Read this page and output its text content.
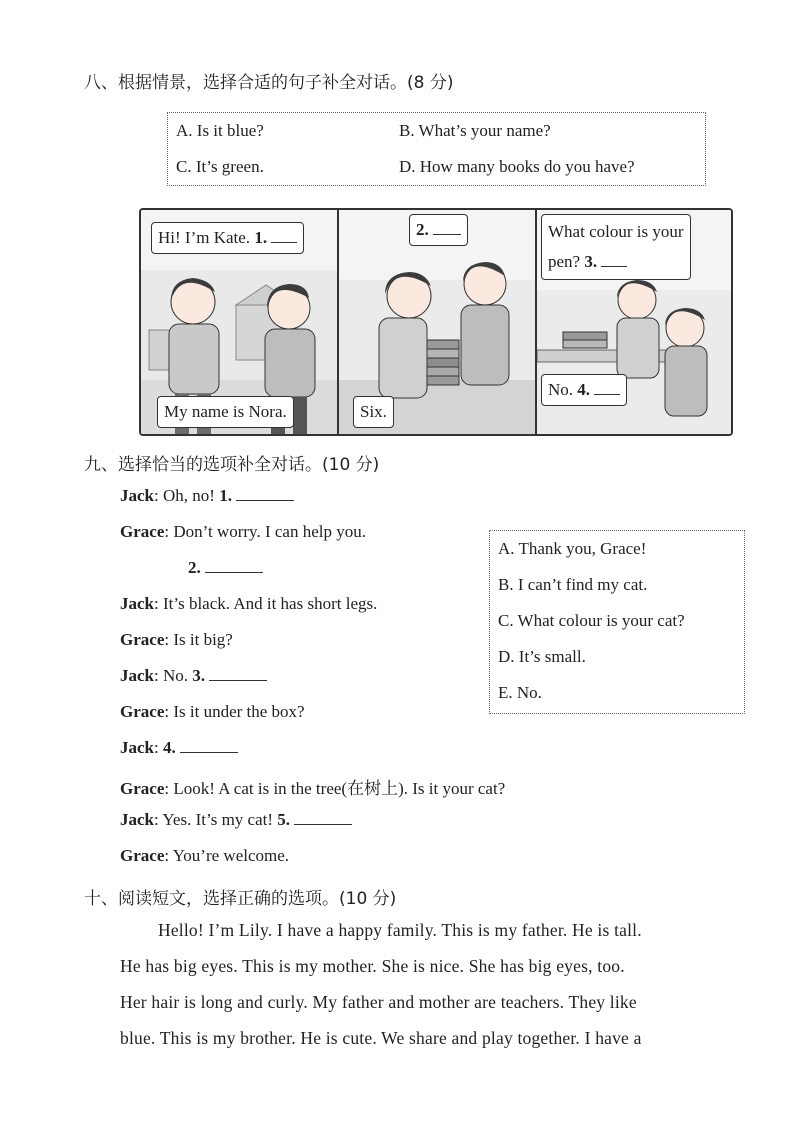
八、根据情景，选择合适的句子补全对话。(8 分)
A. Is it blue?	B. What’s your name?
C. It’s green.	D. How many books do you have?
Hi! I’m Kate. 1.
My name is Nora.
2.
Six.
What colour is your
pen? 3.
No. 4.
九、选择恰当的选项补全对话。(10 分)
Jack: Oh, no! 1.
Grace: Don’t worry. I can help you.
2.
Jack: It’s black. And it has short legs.
Grace: Is it big?
Jack: No. 3.
Grace: Is it under the box?
Jack: 4.
Grace: Look! A cat is in the tree(在树上). Is it your cat?
Jack: Yes. It’s my cat! 5.
Grace: You’re welcome.
A. Thank you, Grace!
B. I can’t find my cat.
C. What colour is your cat?
D. It’s small.
E. No.
十、阅读短文，选择正确的选项。(10 分)
Hello! I’m Lily. I have a happy family. This is my father. He is tall.
He has big eyes. This is my mother. She is nice. She has big eyes, too.
Her hair is long and curly. My father and mother are teachers. They like
blue. This is my brother. He is cute. We share and play together. I have a
